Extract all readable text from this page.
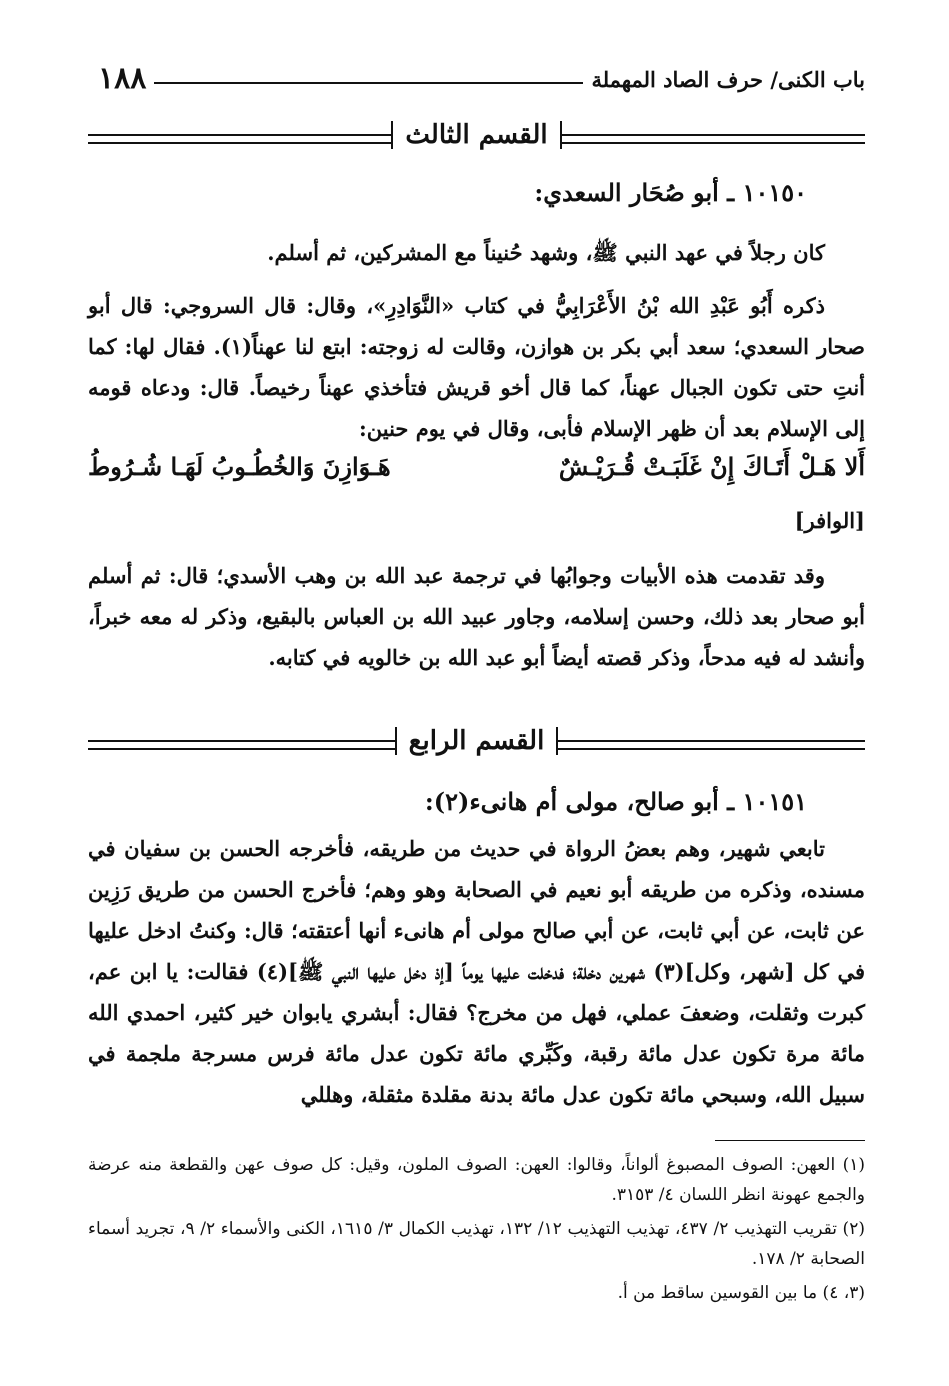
باب الكنى/ حرف الصاد المهملة
١٨٨
القسم الثالث
١٠١٥٠ ـ أبو صُحَار السعدي:

كان رجلاً في عهد النبي ﷺ، وشهد حُنيناً مع المشركين، ثم أسلم.

ذكره أَبُو عَبْدِ الله بْنُ الأَعْرَابِيُّ في كتاب «النَّوَادِرِ»، وقال: قال السروجي: قال أبو صحار السعدي؛ سعد أبي بكر بن هوازن، وقالت له زوجته: ابتع لنا عهناً(١). فقال لها: كما أنتِ حتى تكون الجبال عهناً، كما قال أخو قريش فتأخذي عهناً رخيصاً. قال: ودعاه قومه إلى الإسلام بعد أن ظهر الإسلام فأبى، وقال في يوم حنين:

أَلا هَـلْ أَتَـاكَ إِنْ غَلَبَـتْ قُـرَيْـشٌ
هَـوَازِنَ وَالخُطُـوبُ لَهَـا شُـرُوطُ
[الوافر]

وقد تقدمت هذه الأبيات وجوابُها في ترجمة عبد الله بن وهب الأسدي؛ قال: ثم أسلم أبو صحار بعد ذلك، وحسن إسلامه، وجاور عبيد الله بن العباس بالبقيع، وذكر له معه خبراً، وأنشد له فيه مدحاً، وذكر قصته أيضاً أبو عبد الله بن خالويه في كتابه.

القسم الرابع
١٠١٥١ ـ أبو صالح، مولى أم هانىء(٢):

تابعي شهير، وهم بعضُ الرواة في حديث من طريقه، فأخرجه الحسن بن سفيان في مسنده، وذكره من طريقه أبو نعيم في الصحابة وهو وهم؛ فأخرج الحسن من طريق رَزِين عن ثابت، عن أبي ثابت، عن أبي صالح مولى أم هانىء أنها أعتقته؛ قال: وكنتُ ادخل عليها في كل [شهر، وكل](٣) شهرين دخلة؛ فدخلت عليها يوماً [إذ دخل عليها النبي ﷺ](٤) فقالت: يا ابن عم، كبرت وثقلت، وضعفَ عملي، فهل من مخرج؟ فقال: أبشري يابوان خير كثير، احمدي الله مائة مرة تكون عدل مائة رقبة، وكَبِّري مائة تكون عدل مائة فرس مسرجة ملجمة في سبيل الله، وسبحي مائة تكون عدل مائة بدنة مقلدة مثقلة، وهللي

(١) العهن: الصوف المصبوغ ألواناً، وقالوا: العهن: الصوف الملون، وقيل: كل صوف عهن والقطعة منه عرضة والجمع عهونة انظر اللسان ٤/ ٣١٥٣.

(٢) تقريب التهذيب ٢/ ٤٣٧، تهذيب التهذيب ١٢/ ١٣٢، تهذيب الكمال ٣/ ١٦١٥، الكنى والأسماء ٢/ ٩، تجريد أسماء الصحابة ٢/ ١٧٨.

(٣، ٤) ما بين القوسين ساقط من أ.
